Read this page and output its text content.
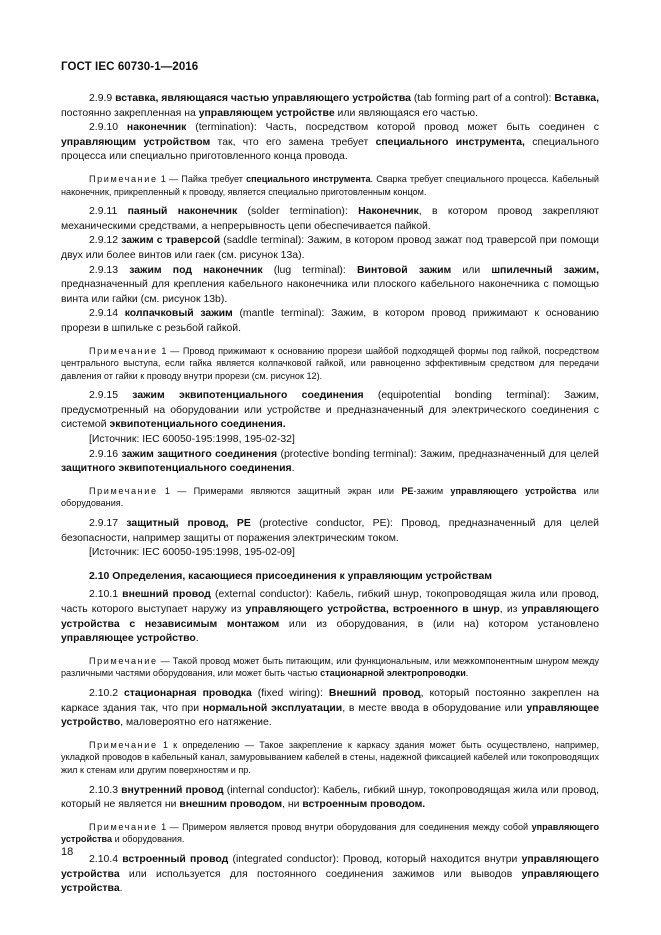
ГОСТ IEC 60730-1—2016
2.9.9 вставка, являющаяся частью управляющего устройства (tab forming part of a control): Вставка, постоянно закрепленная на управляющем устройстве или являющаяся его частью.
2.9.10 наконечник (termination): Часть, посредством которой провод может быть соединен с управляющим устройством так, что его замена требует специального инструмента, специального процесса или специально приготовленного конца провода.
Примечание 1 — Пайка требует специального инструмента. Сварка требует специального процесса. Кабельный наконечник, прикрепленный к проводу, является специально приготовленным концом.
2.9.11 паяный наконечник (solder termination): Наконечник, в котором провод закрепляют механическими средствами, а непрерывность цепи обеспечивается пайкой.
2.9.12 зажим с траверсой (saddle terminal): Зажим, в котором провод зажат под траверсой при помощи двух или более винтов или гаек (см. рисунок 13a).
2.9.13 зажим под наконечник (lug terminal): Винтовой зажим или шпилечный зажим, предназначенный для крепления кабельного наконечника или плоского кабельного наконечника с помощью винта или гайки (см. рисунок 13b).
2.9.14 колпачковый зажим (mantle terminal): Зажим, в котором провод прижимают к основанию прорези в шпильке с резьбой гайкой.
Примечание 1 — Провод прижимают к основанию прорези шайбой подходящей формы под гайкой, посредством центрального выступа, если гайка является колпачковой гайкой, или равноценно эффективным средством для передачи давления от гайки к проводу внутри прорези (см. рисунок 12).
2.9.15 зажим эквипотенциального соединения (equipotential bonding terminal): Зажим, предусмотренный на оборудовании или устройстве и предназначенный для электрического соединения с системой эквипотенциального соединения.
[Источник: IEC 60050-195:1998, 195-02-32]
2.9.16 зажим защитного соединения (protective bonding terminal): Зажим, предназначенный для целей защитного эквипотенциального соединения.
Примечание 1 — Примерами являются защитный экран или РЕ-зажим управляющего устройства или оборудования.
2.9.17 защитный провод, РЕ (protective conductor, PE): Провод, предназначенный для целей безопасности, например защиты от поражения электрическим током.
[Источник: IEC 60050-195:1998, 195-02-09]
2.10 Определения, касающиеся присоединения к управляющим устройствам
2.10.1 внешний провод (external conductor): Кабель, гибкий шнур, токопроводящая жила или провод, часть которого выступает наружу из управляющего устройства, встроенного в шнур, из управляющего устройства с независимым монтажом или из оборудования, в (или на) котором установлено управляющее устройство.
Примечание — Такой провод может быть питающим, или функциональным, или межкомпонентным шнуром между различными частями оборудования, или может быть частью стационарной электропроводки.
2.10.2 стационарная проводка (fixed wiring): Внешний провод, который постоянно закреплен на каркасе здания так, что при нормальной эксплуатации, в месте ввода в оборудование или управляющее устройство, маловероятно его натяжение.
Примечание 1 к определению — Такое закрепление к каркасу здания может быть осуществлено, например, укладкой проводов в кабельный канал, замуровыванием кабелей в стены, надежной фиксацией кабелей или токопроводящих жил к стенам или другим поверхностям и пр.
2.10.3 внутренний провод (internal conductor): Кабель, гибкий шнур, токопроводящая жила или провод, который не является ни внешним проводом, ни встроенным проводом.
Примечание 1 — Примером является провод внутри оборудования для соединения между собой управляющего устройства и оборудования.
2.10.4 встроенный провод (integrated conductor): Провод, который находится внутри управляющего устройства или используется для постоянного соединения зажимов или выводов управляющего устройства.
18
